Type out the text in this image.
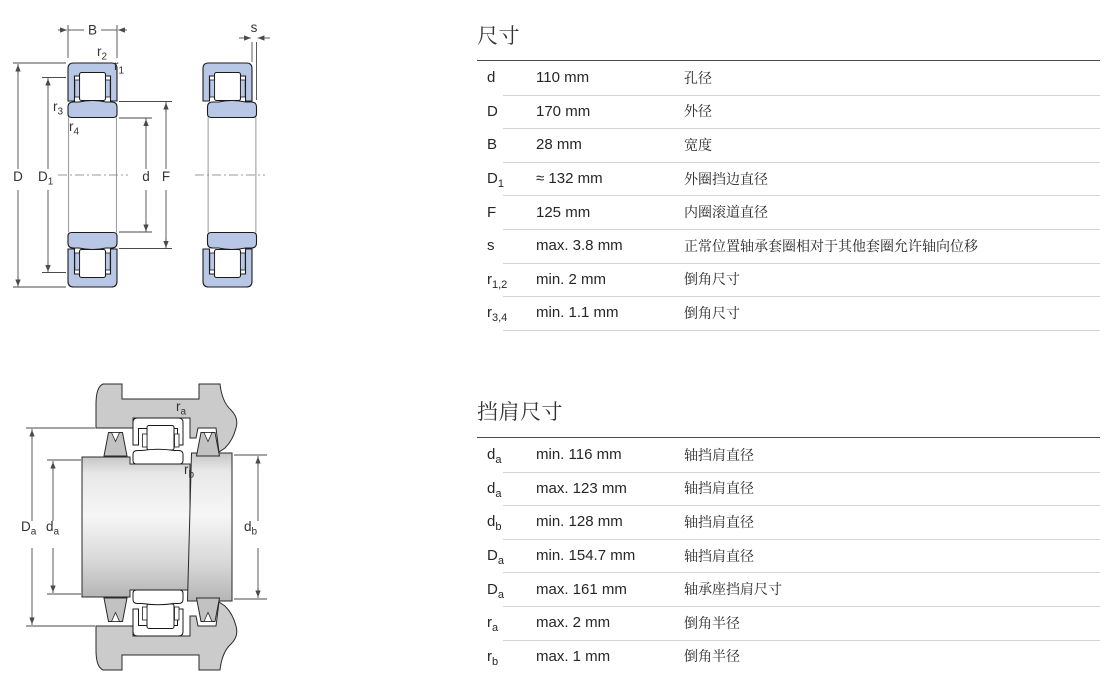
B	s
$r_2$
$r_1$
$r_3$
$r_4$
D $D_1$	d F
$D_a$ $d_a$	$d_b$
$r_a$
$r_b$
尺寸
d	110 mm	孔径
D	170 mm	外径
B	28 mm	宽度
$D_1$	≈ 132 mm	外圈挡边直径
F	125 mm	内圈滚道直径
s	max. 3.8 mm	正常位置轴承套圈相对于其他套圈允许轴向位移
$r_{1,2}$	min. 2 mm	倒角尺寸
$r_{3,4}$	min. 1.1 mm	倒角尺寸
挡肩尺寸
$d_a$	min. 116 mm	轴挡肩直径
$d_a$	max. 123 mm	轴挡肩直径
$d_b$	min. 128 mm	轴挡肩直径
$D_a$	min. 154.7 mm	轴挡肩直径
$D_a$	max. 161 mm	轴承座挡肩尺寸
$r_a$	max. 2 mm	倒角半径
$r_b$	max. 1 mm	倒角半径
